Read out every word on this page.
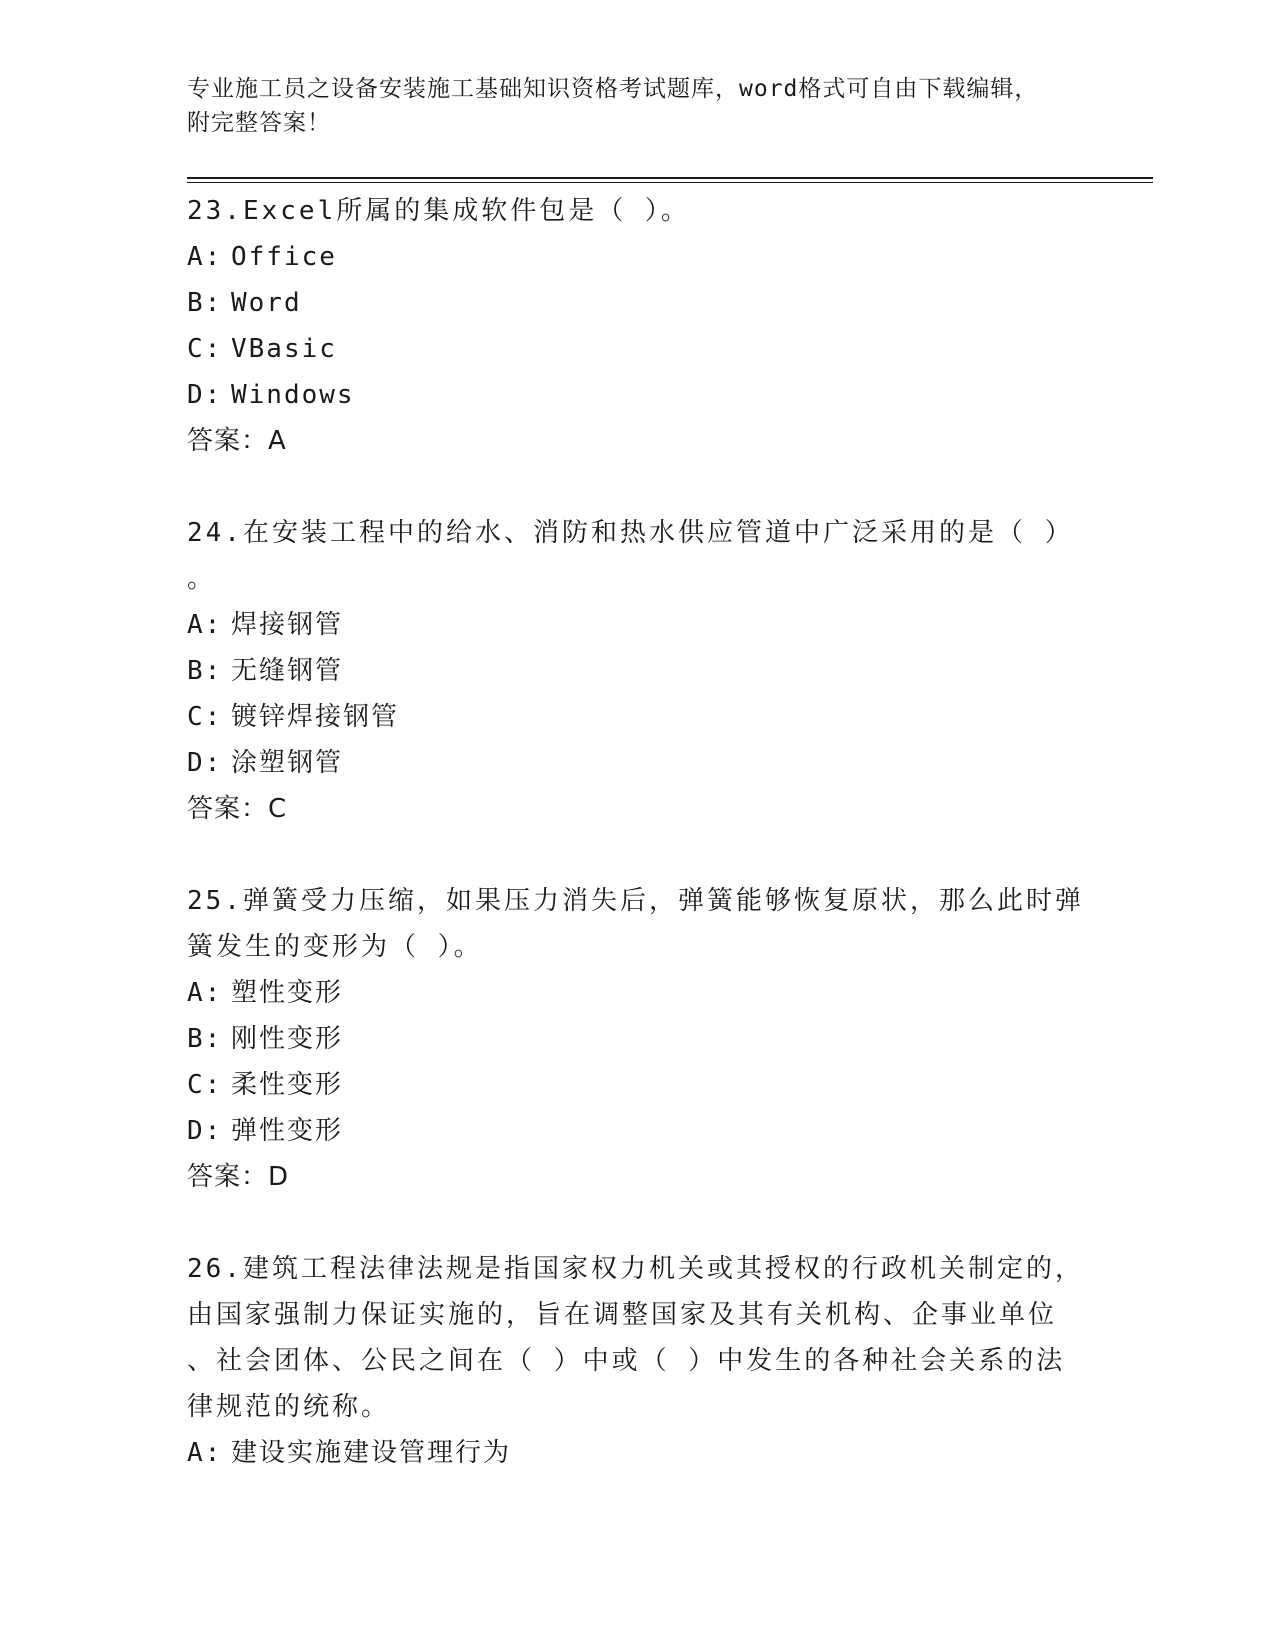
专业施工员之设备安装施工基础知识资格考试题库，word格式可自由下载编辑，
附完整答案！

23.Excel所属的集成软件包是（ ）。

A: Office
B: Word
C: VBasic
D: Windows

答案：A

24.在安装工程中的给水、消防和热水供应管道中广泛采用的是（ ）

。

A: 焊接钢管
B: 无缝钢管
C: 镀锌焊接钢管
D: 涂塑钢管

答案：C

25.弹簧受力压缩，如果压力消失后，弹簧能够恢复原状，那么此时弹

簧发生的变形为（ ）。

A: 塑性变形
B: 刚性变形
C: 柔性变形
D: 弹性变形

答案：D

26.建筑工程法律法规是指国家权力机关或其授权的行政机关制定的，

由国家强制力保证实施的，旨在调整国家及其有关机构、企事业单位

、社会团体、公民之间在（ ）中或（ ）中发生的各种社会关系的法

律规范的统称。

A: 建设实施建设管理行为
